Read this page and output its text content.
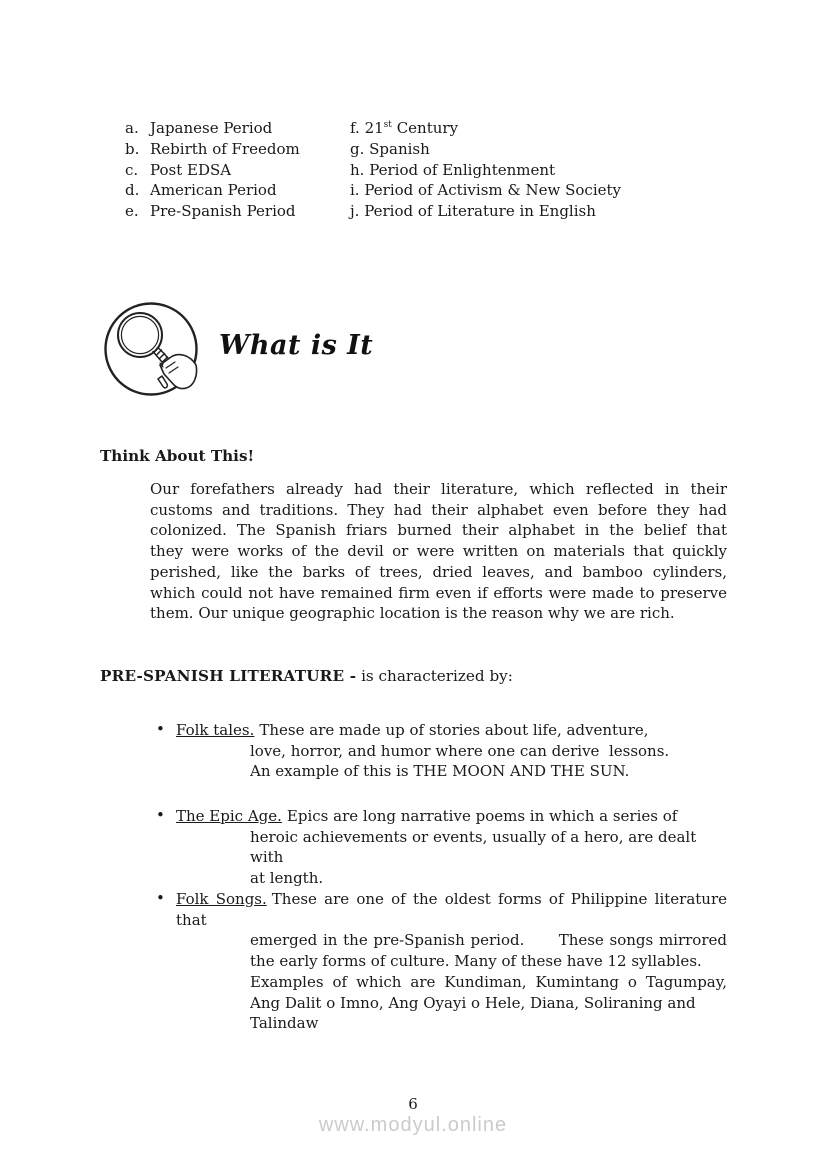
a. Japanese Period
b. Rebirth of Freedom
c. Post EDSA
d. American Period
e. Pre-Spanish Period
f. 21st Century
g. Spanish
h. Period of Enlightenment
i. Period of Activism & New Society
j. Period of Literature in English
What is It
Think About This!
Our forefathers already had their literature, which reflected in their
customs and traditions. They had their alphabet even before they had
colonized. The Spanish friars burned their alphabet in the belief that
they were works of the devil or were written on materials that quickly
perished, like the barks of trees, dried leaves, and bamboo cylinders,
which could not have remained firm even if efforts were made to preserve
them. Our unique geographic location is the reason why we are rich.
PRE-SPANISH LITERATURE - is characterized by:
• Folk tales. These are made up of stories about life, adventure,
love, horror, and humor where one can derive  lessons.
An example of this is THE MOON AND THE SUN.
• The Epic Age. Epics are long narrative poems in which a series of
heroic achievements or events, usually of a hero, are dealt with
at length.
• Folk Songs. These are one of the oldest forms of Philippine literature that
emerged in the pre-Spanish period.      These songs mirrored
the early forms of culture. Many of these have 12 syllables.
Examples of which are Kundiman, Kumintang o Tagumpay,
Ang Dalit o Imno, Ang Oyayi o Hele, Diana, Soliraning and
Talindaw
6
www.modyul.online
